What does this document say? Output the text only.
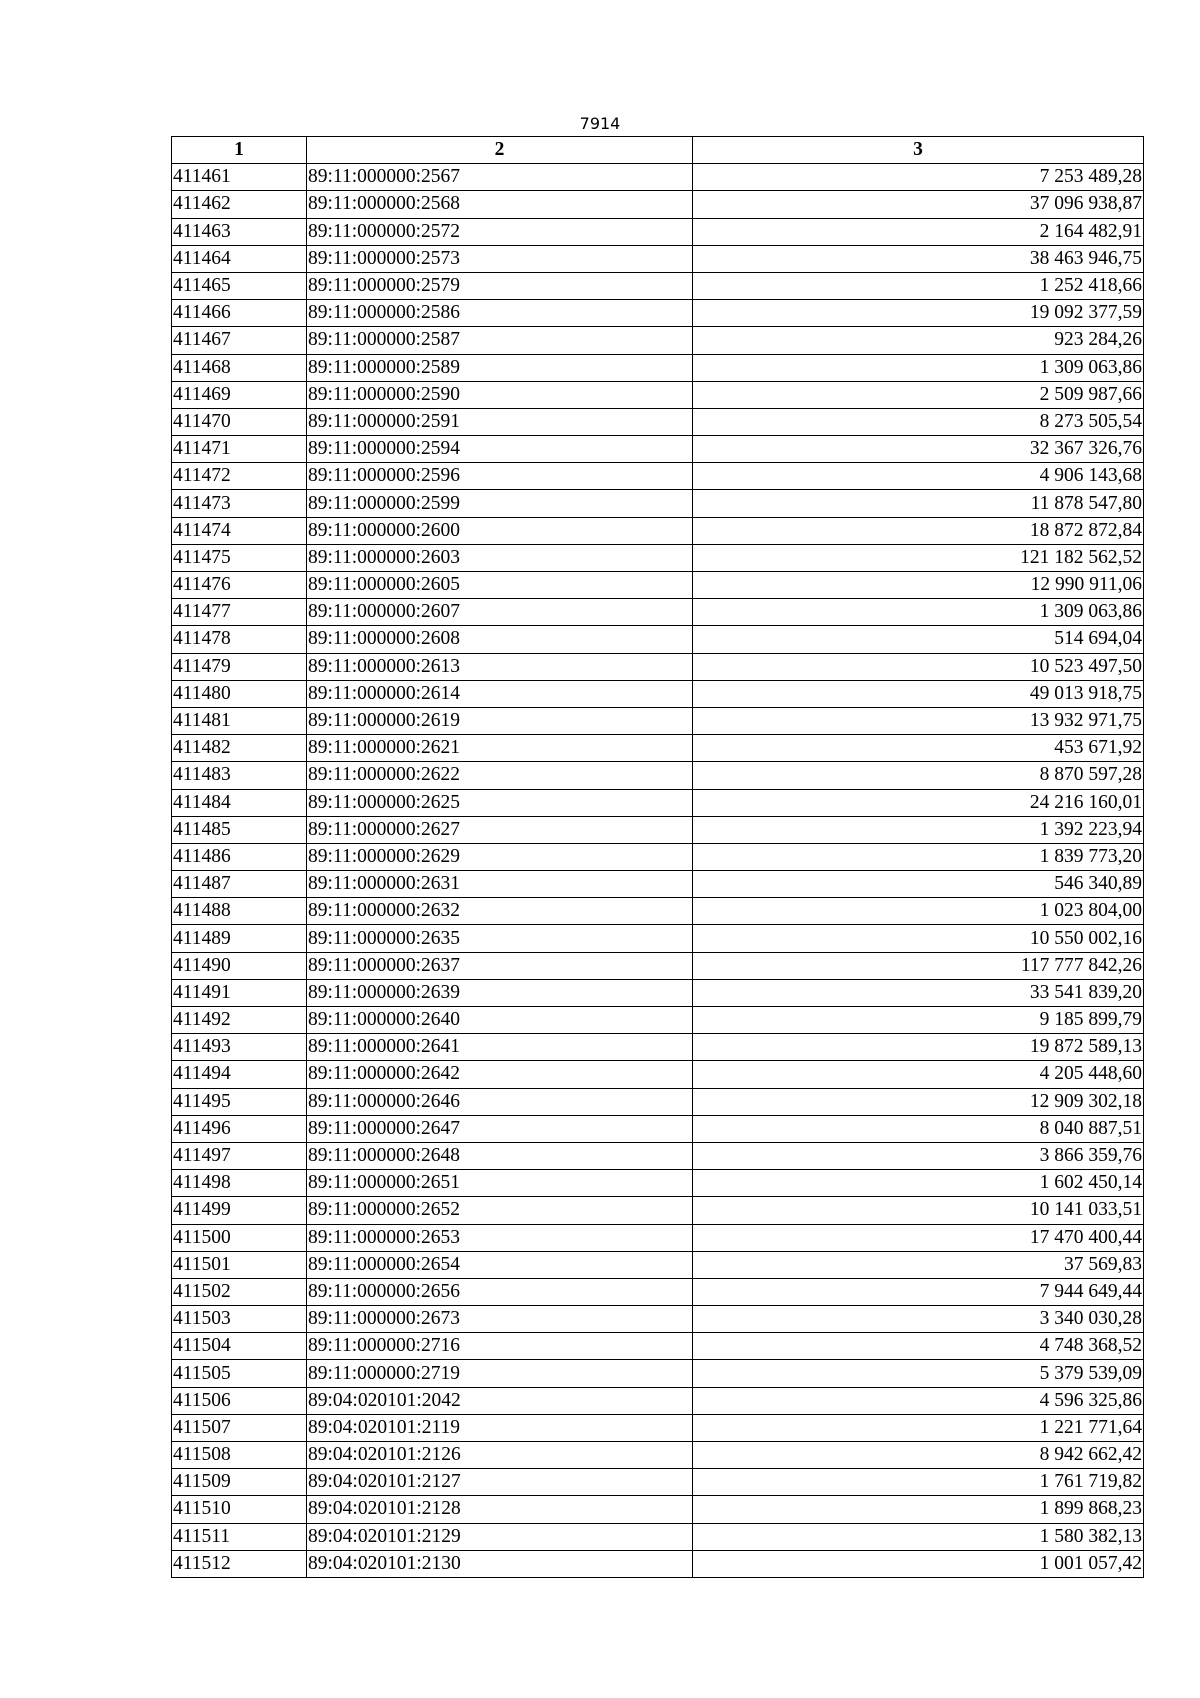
7914
1	2	3
411461	89:11:000000:2567	7 253 489,28
411462	89:11:000000:2568	37 096 938,87
411463	89:11:000000:2572	2 164 482,91
411464	89:11:000000:2573	38 463 946,75
411465	89:11:000000:2579	1 252 418,66
411466	89:11:000000:2586	19 092 377,59
411467	89:11:000000:2587	923 284,26
411468	89:11:000000:2589	1 309 063,86
411469	89:11:000000:2590	2 509 987,66
411470	89:11:000000:2591	8 273 505,54
411471	89:11:000000:2594	32 367 326,76
411472	89:11:000000:2596	4 906 143,68
411473	89:11:000000:2599	11 878 547,80
411474	89:11:000000:2600	18 872 872,84
411475	89:11:000000:2603	121 182 562,52
411476	89:11:000000:2605	12 990 911,06
411477	89:11:000000:2607	1 309 063,86
411478	89:11:000000:2608	514 694,04
411479	89:11:000000:2613	10 523 497,50
411480	89:11:000000:2614	49 013 918,75
411481	89:11:000000:2619	13 932 971,75
411482	89:11:000000:2621	453 671,92
411483	89:11:000000:2622	8 870 597,28
411484	89:11:000000:2625	24 216 160,01
411485	89:11:000000:2627	1 392 223,94
411486	89:11:000000:2629	1 839 773,20
411487	89:11:000000:2631	546 340,89
411488	89:11:000000:2632	1 023 804,00
411489	89:11:000000:2635	10 550 002,16
411490	89:11:000000:2637	117 777 842,26
411491	89:11:000000:2639	33 541 839,20
411492	89:11:000000:2640	9 185 899,79
411493	89:11:000000:2641	19 872 589,13
411494	89:11:000000:2642	4 205 448,60
411495	89:11:000000:2646	12 909 302,18
411496	89:11:000000:2647	8 040 887,51
411497	89:11:000000:2648	3 866 359,76
411498	89:11:000000:2651	1 602 450,14
411499	89:11:000000:2652	10 141 033,51
411500	89:11:000000:2653	17 470 400,44
411501	89:11:000000:2654	37 569,83
411502	89:11:000000:2656	7 944 649,44
411503	89:11:000000:2673	3 340 030,28
411504	89:11:000000:2716	4 748 368,52
411505	89:11:000000:2719	5 379 539,09
411506	89:04:020101:2042	4 596 325,86
411507	89:04:020101:2119	1 221 771,64
411508	89:04:020101:2126	8 942 662,42
411509	89:04:020101:2127	1 761 719,82
411510	89:04:020101:2128	1 899 868,23
411511	89:04:020101:2129	1 580 382,13
411512	89:04:020101:2130	1 001 057,42
